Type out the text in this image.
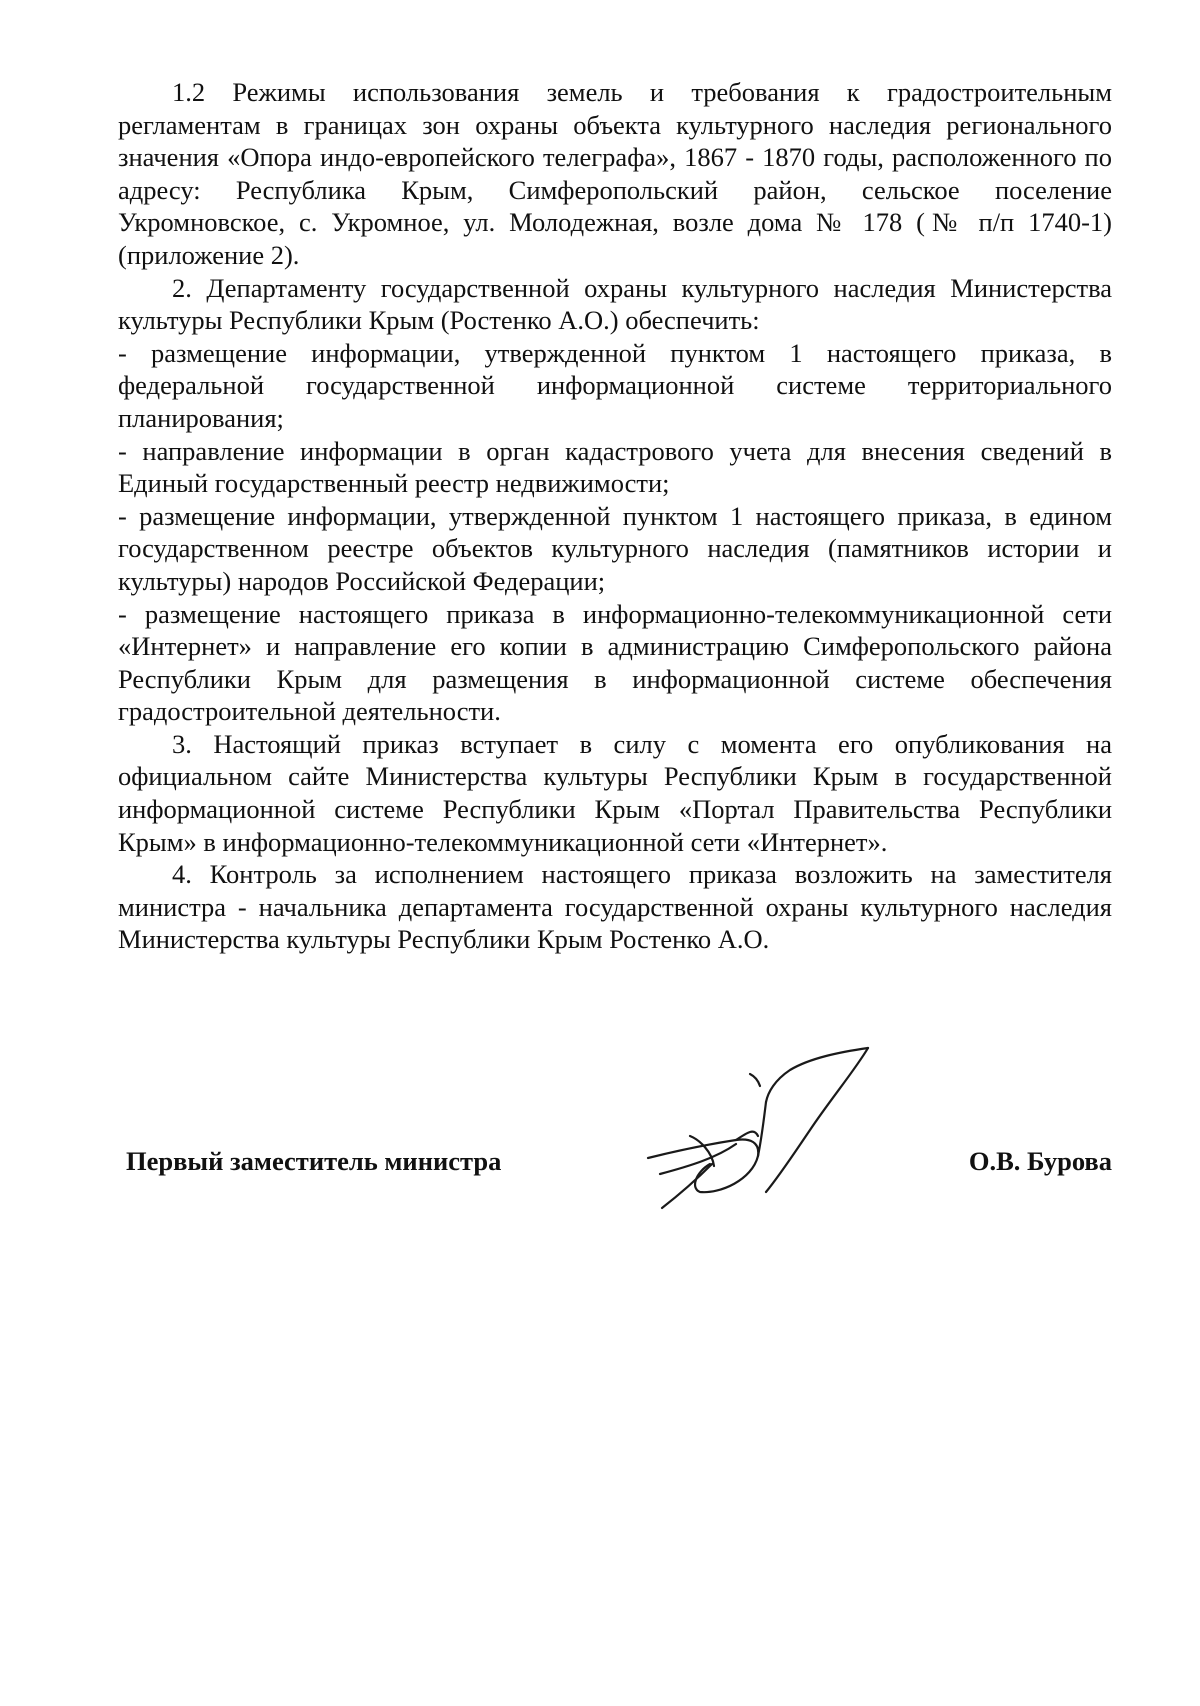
1.2 Режимы использования земель и требования к градостроительным регламентам в границах зон охраны объекта культурного наследия регионального значения «Опора индо-европейского телеграфа», 1867 - 1870 годы, расположенного по адресу: Республика Крым, Симферопольский район, сельское поселение Укромновское, с. Укромное, ул. Молодежная, возле дома № 178 (№ п/п 1740-1) (приложение 2).

2. Департаменту государственной охраны культурного наследия Министерства культуры Республики Крым (Ростенко А.О.) обеспечить:

- размещение информации, утвержденной пунктом 1 настоящего приказа, в федеральной государственной информационной системе территориального планирования;

- направление информации в орган кадастрового учета для внесения сведений в Единый государственный реестр недвижимости;

- размещение информации, утвержденной пунктом 1 настоящего приказа, в едином государственном реестре объектов культурного наследия (памятников истории и культуры) народов Российской Федерации;

- размещение настоящего приказа в информационно-телекоммуникационной сети «Интернет» и направление его копии в администрацию Симферопольского района Республики Крым для размещения в информационной системе обеспечения градостроительной деятельности.

3. Настоящий приказ вступает в силу с момента его опубликования на официальном сайте Министерства культуры Республики Крым в государственной информационной системе Республики Крым «Портал Правительства Республики Крым» в информационно-телекоммуникационной сети «Интернет».

4. Контроль за исполнением настоящего приказа возложить на заместителя министра - начальника департамента государственной охраны культурного наследия Министерства культуры Республики Крым Ростенко А.О.

Первый заместитель министра	О.В. Бурова
